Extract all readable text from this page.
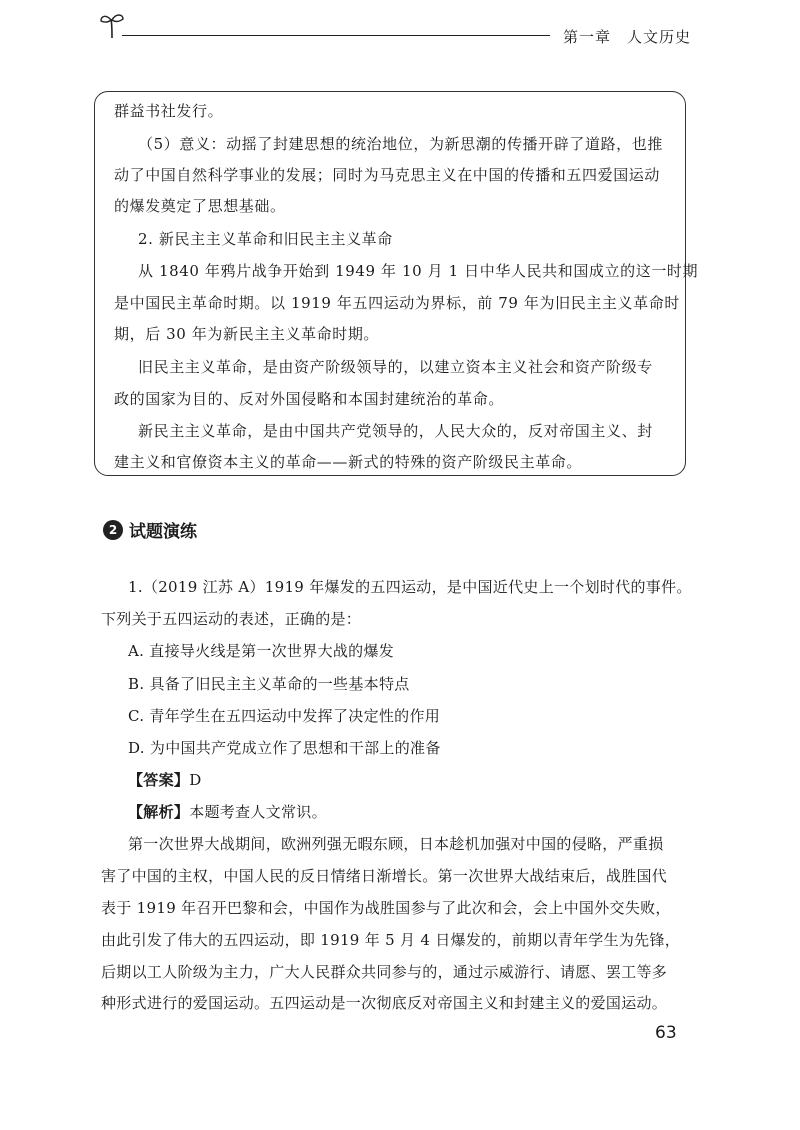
第一章 人文历史
群益书社发行。
（5）意义：动摇了封建思想的统治地位，为新思潮的传播开辟了道路，也推
动了中国自然科学事业的发展；同时为马克思主义在中国的传播和五四爱国运动
的爆发奠定了思想基础。
2. 新民主主义革命和旧民主主义革命
从 1840 年鸦片战争开始到 1949 年 10 月 1 日中华人民共和国成立的这一时期
是中国民主革命时期。以 1919 年五四运动为界标，前 79 年为旧民主主义革命时
期，后 30 年为新民主主义革命时期。
旧民主主义革命，是由资产阶级领导的，以建立资本主义社会和资产阶级专
政的国家为目的、反对外国侵略和本国封建统治的革命。
新民主主义革命，是由中国共产党领导的，人民大众的，反对帝国主义、封
建主义和官僚资本主义的革命——新式的特殊的资产阶级民主革命。
2 试题演练
1.（2019 江苏 A）1919 年爆发的五四运动，是中国近代史上一个划时代的事件。
下列关于五四运动的表述，正确的是：
A. 直接导火线是第一次世界大战的爆发
B. 具备了旧民主主义革命的一些基本特点
C. 青年学生在五四运动中发挥了决定性的作用
D. 为中国共产党成立作了思想和干部上的准备
【答案】D
【解析】本题考查人文常识。
第一次世界大战期间，欧洲列强无暇东顾，日本趁机加强对中国的侵略，严重损
害了中国的主权，中国人民的反日情绪日渐增长。第一次世界大战结束后，战胜国代
表于 1919 年召开巴黎和会，中国作为战胜国参与了此次和会，会上中国外交失败，
由此引发了伟大的五四运动，即 1919 年 5 月 4 日爆发的，前期以青年学生为先锋，
后期以工人阶级为主力，广大人民群众共同参与的，通过示威游行、请愿、罢工等多
种形式进行的爱国运动。五四运动是一次彻底反对帝国主义和封建主义的爱国运动。
63
